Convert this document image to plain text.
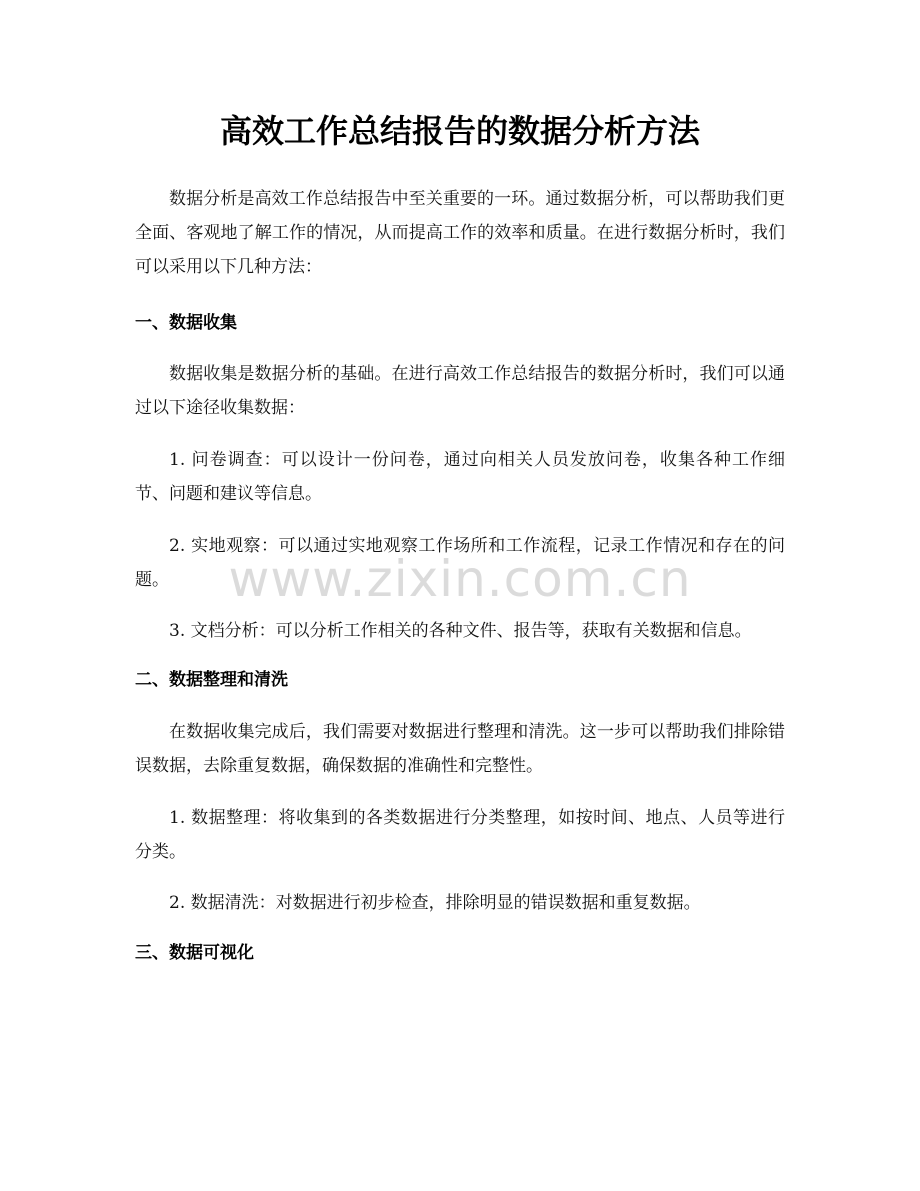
高效工作总结报告的数据分析方法

数据分析是高效工作总结报告中至关重要的一环。通过数据分析，可以帮助我们更全面、客观地了解工作的情况，从而提高工作的效率和质量。在进行数据分析时，我们可以采用以下几种方法：

一、数据收集

数据收集是数据分析的基础。在进行高效工作总结报告的数据分析时，我们可以通过以下途径收集数据：

1. 问卷调查：可以设计一份问卷，通过向相关人员发放问卷，收集各种工作细节、问题和建议等信息。

2. 实地观察：可以通过实地观察工作场所和工作流程，记录工作情况和存在的问题。

3. 文档分析：可以分析工作相关的各种文件、报告等，获取有关数据和信息。

二、数据整理和清洗

在数据收集完成后，我们需要对数据进行整理和清洗。这一步可以帮助我们排除错误数据，去除重复数据，确保数据的准确性和完整性。

1. 数据整理：将收集到的各类数据进行分类整理，如按时间、地点、人员等进行分类。

2. 数据清洗：对数据进行初步检查，排除明显的错误数据和重复数据。

三、数据可视化
www.zixin.com.cn
